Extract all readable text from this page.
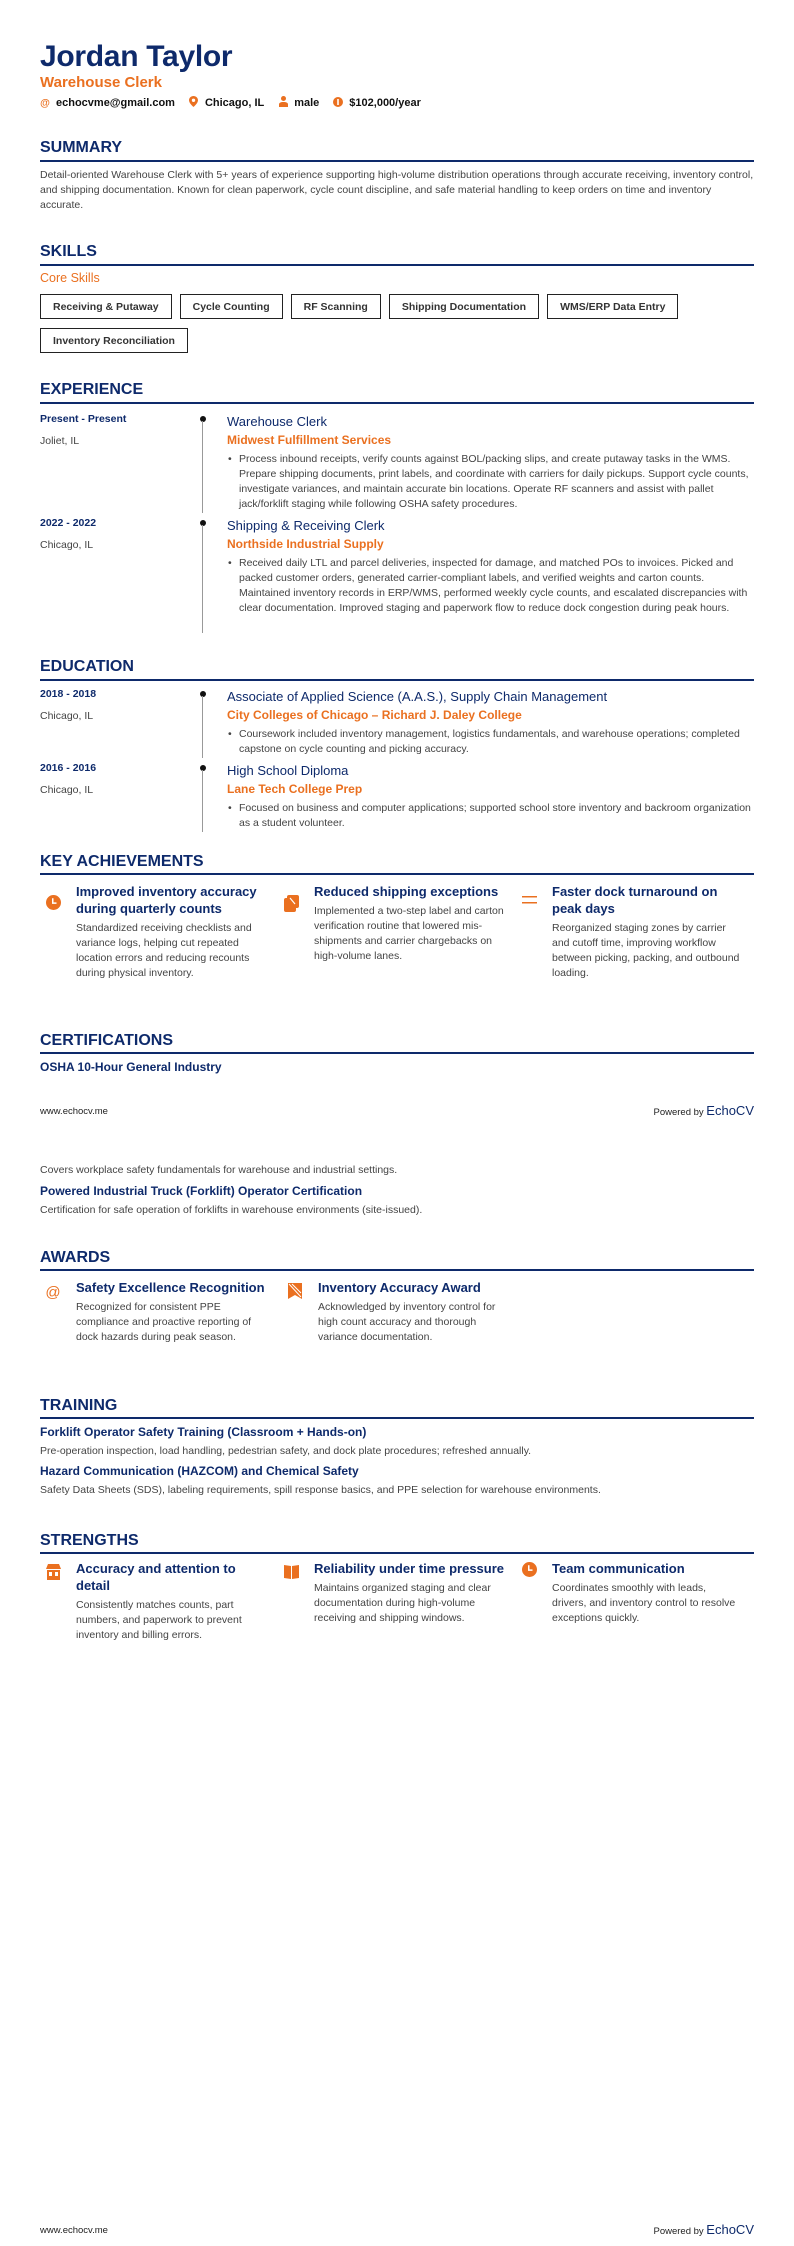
Jordan Taylor
Warehouse Clerk
@ echocvme@gmail.com	Chicago, IL	male	$102,000/year
SUMMARY
Detail-oriented Warehouse Clerk with 5+ years of experience supporting high-volume distribution operations through accurate receiving, inventory control, and shipping documentation. Known for clean paperwork, cycle count discipline, and safe material handling to keep orders on time and inventory accurate.
SKILLS
Core Skills
Receiving & Putaway	Cycle Counting	RF Scanning	Shipping Documentation	WMS/ERP Data Entry
Inventory Reconciliation
EXPERIENCE
Present - Present
Joliet, IL
Warehouse Clerk
Midwest Fulfillment Services
• Process inbound receipts, verify counts against BOL/packing slips, and create putaway tasks in the WMS. Prepare shipping documents, print labels, and coordinate with carriers for daily pickups. Support cycle counts, investigate variances, and maintain accurate bin locations. Operate RF scanners and assist with pallet jack/forklift staging while following OSHA safety procedures.
2022 - 2022
Chicago, IL
Shipping & Receiving Clerk
Northside Industrial Supply
• Received daily LTL and parcel deliveries, inspected for damage, and matched POs to invoices. Picked and packed customer orders, generated carrier-compliant labels, and verified weights and carton counts. Maintained inventory records in ERP/WMS, performed weekly cycle counts, and escalated discrepancies with clear documentation. Improved staging and paperwork flow to reduce dock congestion during peak hours.
EDUCATION
2018 - 2018
Chicago, IL
Associate of Applied Science (A.A.S.), Supply Chain Management
City Colleges of Chicago – Richard J. Daley College
• Coursework included inventory management, logistics fundamentals, and warehouse operations; completed capstone on cycle counting and picking accuracy.
2016 - 2016
Chicago, IL
High School Diploma
Lane Tech College Prep
• Focused on business and computer applications; supported school store inventory and backroom organization as a student volunteer.
KEY ACHIEVEMENTS
Improved inventory accuracy during quarterly counts
Standardized receiving checklists and variance logs, helping cut repeated location errors and reducing recounts during physical inventory.
Reduced shipping exceptions
Implemented a two-step label and carton verification routine that lowered mis-shipments and carrier chargebacks on high-volume lanes.
Faster dock turnaround on peak days
Reorganized staging zones by carrier and cutoff time, improving workflow between picking, packing, and outbound loading.
CERTIFICATIONS
OSHA 10-Hour General Industry
www.echocv.me	Powered by EchoCV
Covers workplace safety fundamentals for warehouse and industrial settings.
Powered Industrial Truck (Forklift) Operator Certification
Certification for safe operation of forklifts in warehouse environments (site-issued).
AWARDS
@	Safety Excellence Recognition
Recognized for consistent PPE compliance and proactive reporting of dock hazards during peak season.
Inventory Accuracy Award
Acknowledged by inventory control for high count accuracy and thorough variance documentation.
TRAINING
Forklift Operator Safety Training (Classroom + Hands-on)
Pre-operation inspection, load handling, pedestrian safety, and dock plate procedures; refreshed annually.
Hazard Communication (HAZCOM) and Chemical Safety
Safety Data Sheets (SDS), labeling requirements, spill response basics, and PPE selection for warehouse environments.
STRENGTHS
Accuracy and attention to detail
Consistently matches counts, part numbers, and paperwork to prevent inventory and billing errors.
Reliability under time pressure
Maintains organized staging and clear documentation during high-volume receiving and shipping windows.
Team communication
Coordinates smoothly with leads, drivers, and inventory control to resolve exceptions quickly.
www.echocv.me	Powered by EchoCV
